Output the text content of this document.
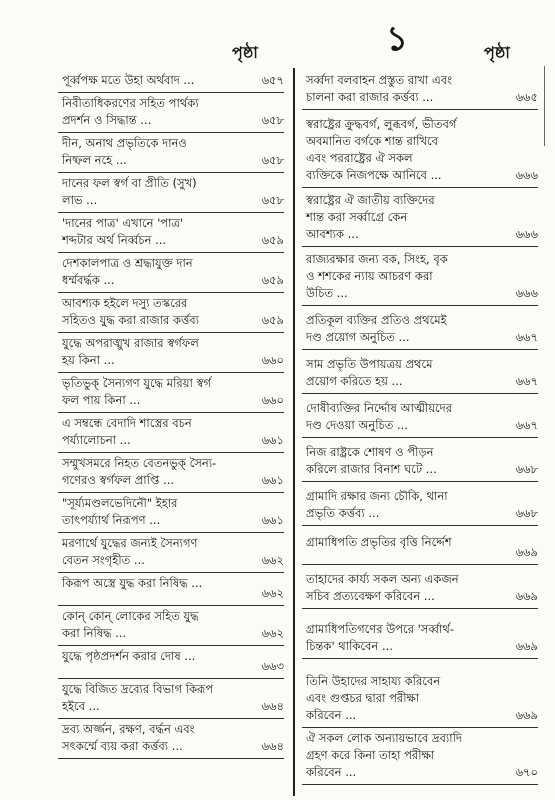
পৃষ্ঠা	১	পৃষ্ঠা
পূর্ব্বপক্ষ মতে উহা অর্থবাদ ...	৬৫৭
নিবীতাধিকরণের সহিত পার্থক্য
প্রদর্শন ও সিদ্ধান্ত ...	৬৫৮
দীন, অনাথ প্রভৃতিকে দানও
নিষ্ফল নহে ...	৬৫৮
দানের ফল স্বর্গ বা প্রীতি (সুখ)
লাভ ...	৬৫৮
'দানের পাত্র' এখানে 'পাত্র'
শব্দটার অর্থ নির্ব্বচন ...	৬৫৯
দেশকালপাত্র ও শ্রদ্ধাযুক্ত দান
ধর্ম্মবর্দ্ধক ...	৬৫৯
আবশ্যক হইলে দস্যু তস্করের
সহিতও যুদ্ধ করা রাজার কর্ত্তব্য	৬৫৯
যুদ্ধে অপরাঙ্মুখ রাজার স্বর্গফল
হয় কিনা ...	৬৬০
ভৃতিভুক্ সৈন্যগণ যুদ্ধে মরিয়া স্বর্গ
ফল পায় কিনা ...	৬৬০
এ সম্বন্ধে বেদাদি শাস্ত্রের বচন
পর্য্যালোচনা ...	৬৬১
সম্মুখসমরে নিহত বেতনভুক্ সৈন্য-
গণেরও স্বর্গফল প্রাপ্তি ...	৬৬১
"সূর্য্যমণ্ডলভেদিনৌ" ইহার
তাৎপর্য্যার্থ নিরূপণ ...	৬৬১
মরণার্থে যুদ্ধের জন্যই সৈন্যগণ
বেতন সংগৃহীত ...	৬৬২
কিরূপ অস্ত্রে যুদ্ধ করা নিষিদ্ধ ...
৬৬২
কোন্ কোন্ লোকের সহিত যুদ্ধ
করা নিষিদ্ধ ...	৬৬২
যুদ্ধে পৃষ্ঠপ্রদর্শন করার দোষ ...
৬৬৩
যুদ্ধে বিজিত দ্রব্যের বিভাগ কিরূপ
হইবে ...	৬৬৪
দ্রব্য অর্জ্জন, রক্ষণ, বর্দ্ধন এবং
সৎকর্ম্মে ব্যয় করা কর্ত্তব্য ...	৬৬৪
সর্ব্বদা বলবাহন প্রস্তুত রাখা এবং
চালনা করা রাজার কর্ত্তব্য ...	৬৬৫
স্বরাষ্ট্রের ক্রুদ্ধবর্গ, লুব্ধবর্গ, ভীতবর্গ
অবমানিত বর্গকে শান্ত রাখিবে
এবং পররাষ্ট্রের ঐ সকল
ব্যক্তিকে নিজপক্ষে আনিবে ...	৬৬৬
স্বরাষ্ট্রের ঐ জাতীয় ব্যক্তিদের
শান্ত করা সর্ব্বাগ্রে কেন
আবশ্যক ...	৬৬৬
রাজ্যরক্ষার জন্য বক, সিংহ, বৃক
ও শশকের ন্যায় আচরণ করা
উচিত ...	৬৬৬
প্রতিকূল ব্যক্তির প্রতিও প্রথমেই
দণ্ড প্রয়োগ অনুচিত ...	৬৬৭
সাম প্রভৃতি উপায়ত্রয় প্রথমে
প্রয়োগ করিতে হয় ...	৬৬৭
দোষীব্যক্তির নির্দ্দোষ আত্মীয়দের
দণ্ড দেওয়া অনুচিত ...	৬৬৭
নিজ রাষ্ট্রকে শোষণ ও পীড়ন
করিলে রাজার বিনাশ ঘটে ...	৬৬৮
গ্রামাদি রক্ষার জন্য চৌকি, থানা
প্রভৃতি কর্ত্তব্য ...	৬৬৮
গ্রামাধিপতি প্রভৃতির বৃত্তি নির্দ্দেশ
৬৬৯
তাহাদের কার্য্য সকল অন্য একজন
সচিব প্রত্যবেক্ষণ করিবেন ...	৬৬৯
গ্রামাধিপতিগণের উপরে 'সর্ব্বার্থ-
চিন্তক' থাকিবেন ...	৬৬৯
তিনি উহাদের সাহায্য করিবেন
এবং গুপ্তচর দ্বারা পরীক্ষা
করিবেন ...	৬৬৯
ঐ সকল লোক অন্যায়ভাবে দ্রব্যাদি
গ্রহণ করে কিনা তাহা পরীক্ষা
করিবেন ...	৬৭০
